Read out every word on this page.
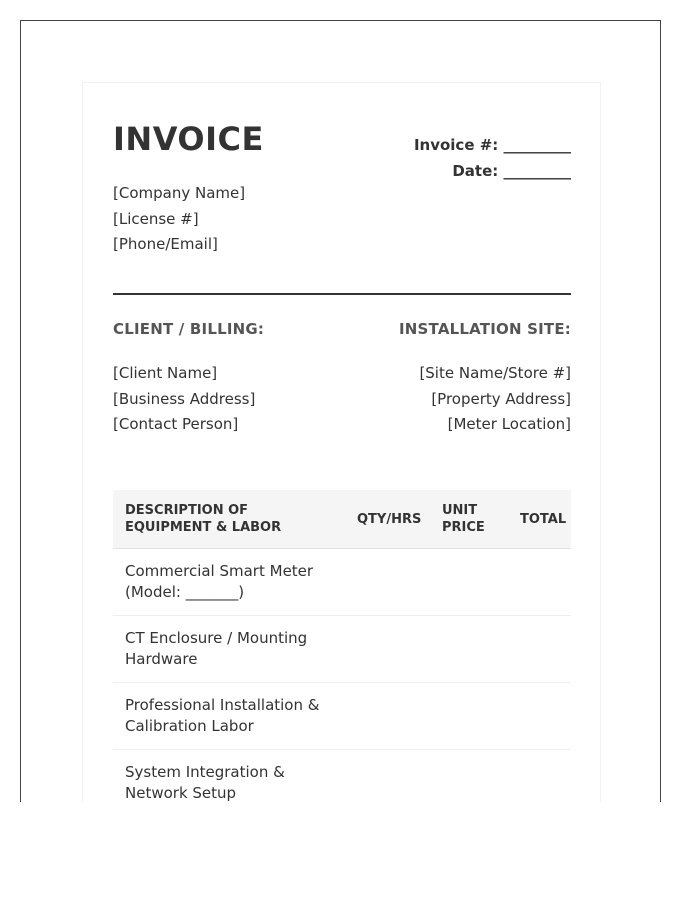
INVOICE	Invoice #: _________
Date: _________
[Company Name]
[License #]
[Phone/Email]
CLIENT / BILLING:	INSTALLATION SITE:
[Client Name]
[Business Address]
[Contact Person]
[Site Name/Store #]
[Property Address]
[Meter Location]
DESCRIPTION OF EQUIPMENT & LABOR	QTY/HRS	UNIT PRICE	TOTAL
Commercial Smart Meter (Model: _______)			
CT Enclosure / Mounting Hardware			
Professional Installation & Calibration Labor			
System Integration & Network Setup			
